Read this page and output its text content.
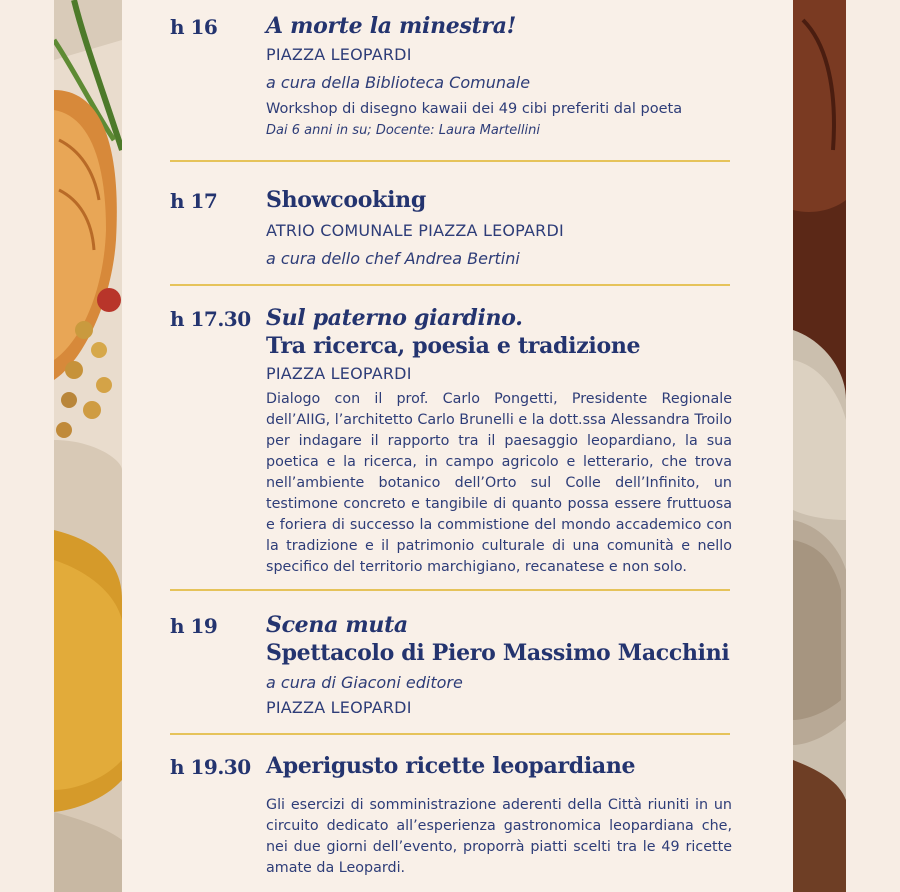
h 16 A morte la minestra!
PIAZZA LEOPARDI
a cura della Biblioteca Comunale
Workshop di disegno kawaii dei 49 cibi preferiti dal poeta
Dai 6 anni in su; Docente: Laura Martellini
h 17 Showcooking
ATRIO COMUNALE PIAZZA LEOPARDI
a cura dello chef Andrea Bertini
h 17.30 Sul paterno giardino.
Tra ricerca, poesia e tradizione
PIAZZA LEOPARDI
Dialogo con il prof. Carlo Pongetti, Presidente Regionale dell’AIIG, l’architetto Carlo Brunelli e la dott.ssa Alessandra Troilo per indagare il rapporto tra il paesaggio leopardiano, la sua poetica e la ricerca, in campo agricolo e letterario, che trova nell’ambiente botanico dell’Orto sul Colle dell’Infinito, un testimone concreto e tangibile di quanto possa essere fruttuosa e foriera di successo la commistione del mondo accademico con la tradizione e il patrimonio culturale di una comunità e nello specifico del territorio marchigiano, recanatese e non solo.
h 19 Scena muta
Spettacolo di Piero Massimo Macchini
a cura di Giaconi editore
PIAZZA LEOPARDI
h 19.30 Aperigusto ricette leopardiane
Gli esercizi di somministrazione aderenti della Città riuniti in un circuito dedicato all’esperienza gastronomica leopardiana che, nei due giorni dell’evento, proporrà piatti scelti tra le 49 ricette amate da Leopardi.
